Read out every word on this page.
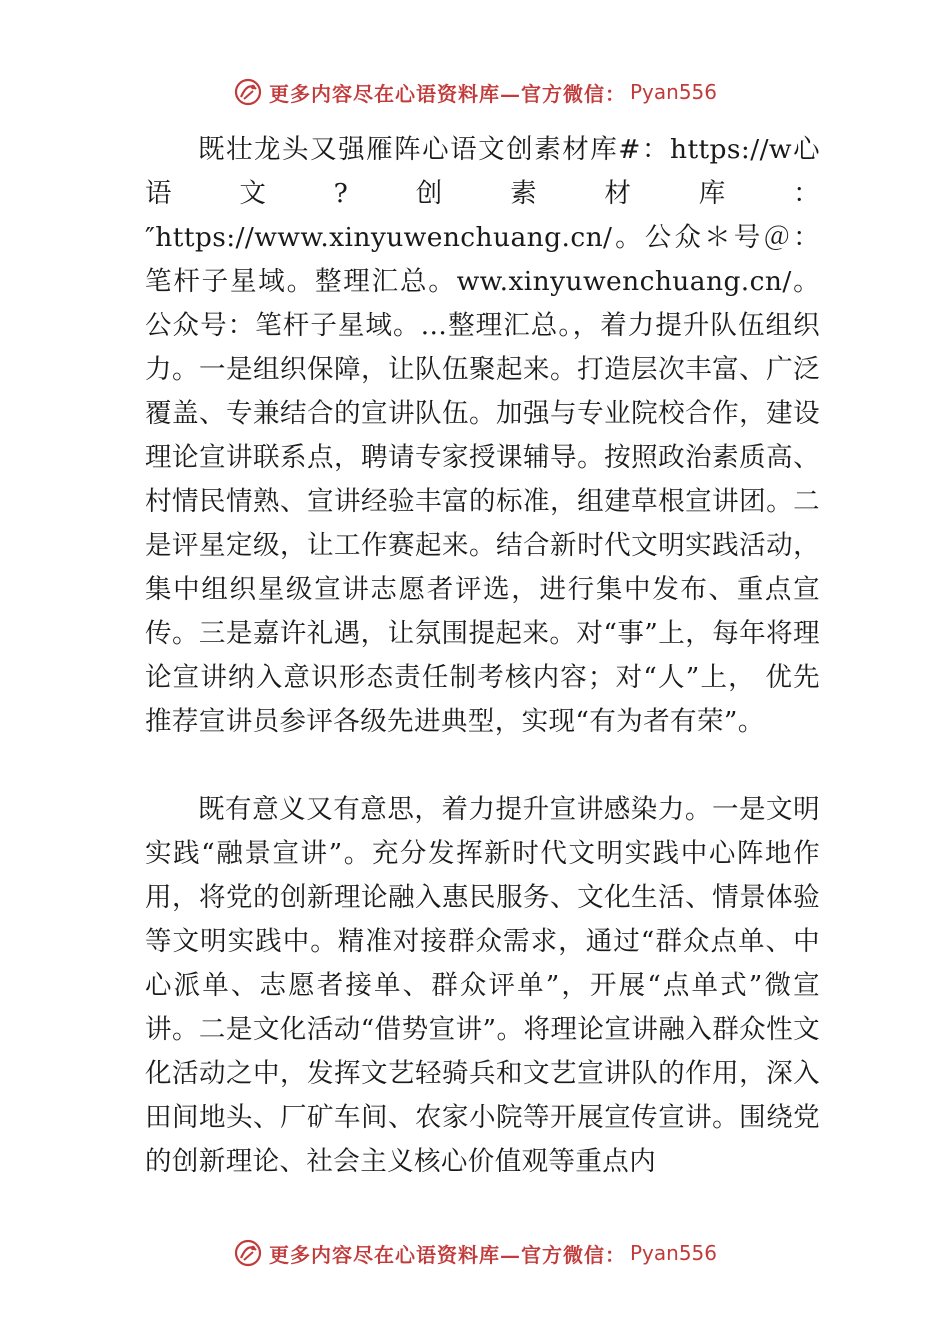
更多内容尽在心语资料库—官方微信： Pyan556

既壮龙头又强雁阵心语文创素材库#：https://w心语文?创素材库：″https://www.xinyuwenchuang.cn/。公众＊号＠：笔杆子星域。整理汇总。ww.xinyuwenchuang.cn/。公众号：笔杆子星域。…整理汇总。，着力提升队伍组织力。一是组织保障，让队伍聚起来。打造层次丰富、广泛覆盖、专兼结合的宣讲队伍。加强与专业院校合作，建设理论宣讲联系点，聘请专家授课辅导。按照政治素质高、村情民情熟、宣讲经验丰富的标准，组建草根宣讲团。二是评星定级，让工作赛起来。结合新时代文明实践活动， 集中组织星级宣讲志愿者评选，进行集中发布、重点宣传。三是嘉许礼遇，让氛围提起来。对“事”上，每年将理论宣讲纳入意识形态责任制考核内容；对“人”上， 优先推荐宣讲员参评各级先进典型，实现“有为者有荣”。

既有意义又有意思，着力提升宣讲感染力。一是文明实践“融景宣讲”。充分发挥新时代文明实践中心阵地作用，将党的创新理论融入惠民服务、文化生活、情景体验等文明实践中。精准对接群众需求，通过“群众点单、中心派单、志愿者接单、群众评单”，开展“点单式”微宣讲。二是文化活动“借势宣讲”。将理论宣讲融入群众性文化活动之中，发挥文艺轻骑兵和文艺宣讲队的作用，深入田间地头、厂矿车间、农家小院等开展宣传宣讲。围绕党的创新理论、社会主义核心价值观等重点内

更多内容尽在心语资料库—官方微信： Pyan556
